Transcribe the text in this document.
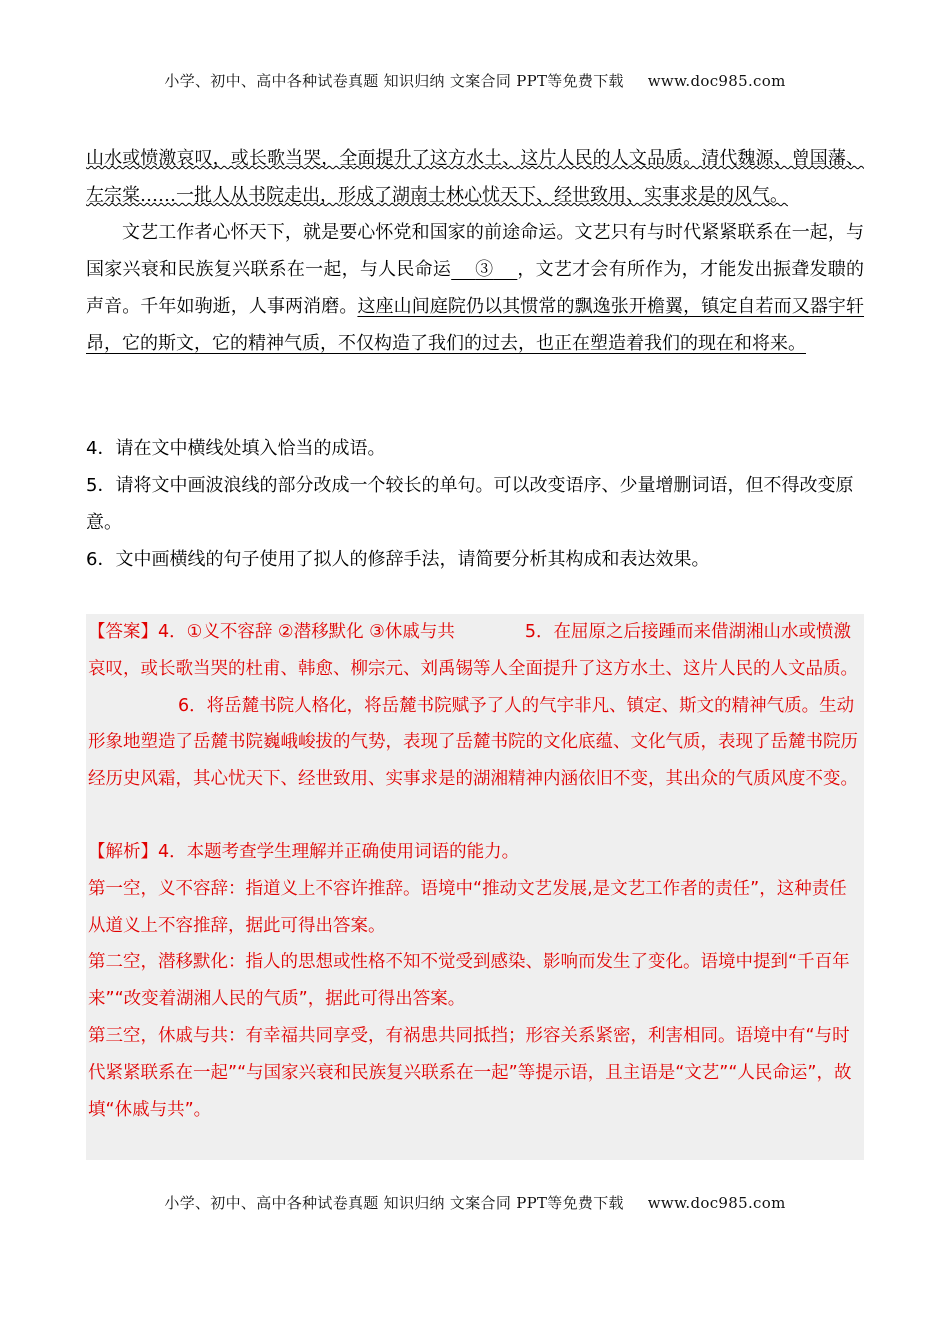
小学、初中、高中各种试卷真题 知识归纳 文案合同 PPT等免费下载 www.doc985.com

山水或愤激哀叹，或长歌当哭，全面提升了这方水土、这片人民的人文品质。清代魏源、曾国藩、左宗棠……一批人从书院走出，形成了湖南士林心忧天下、经世致用、实事求是的风气。

文艺工作者心怀天下，就是要心怀党和国家的前途命运。文艺只有与时代紧紧联系在一起，与国家兴衰和民族复兴联系在一起，与人民命运 ③ ，文艺才会有所作为，才能发出振聋发聩的声音。千年如驹逝，人事两消磨。这座山间庭院仍以其惯常的飘逸张开檐翼，镇定自若而又器宇轩昂，它的斯文，它的精神气质，不仅构造了我们的过去，也正在塑造着我们的现在和将来。

4．请在文中横线处填入恰当的成语。

5．请将文中画波浪线的部分改成一个较长的单句。可以改变语序、少量增删词语，但不得改变原意。

6．文中画横线的句子使用了拟人的修辞手法，请简要分析其构成和表达效果。

【答案】4．①义不容辞 ②潜移默化 ③休戚与共	5．在屈原之后接踵而来借湖湘山水或愤激哀叹，或长歌当哭的杜甫、韩愈、柳宗元、刘禹锡等人全面提升了这方水土、这片人民的人文品质。6．将岳麓书院人格化，将岳麓书院赋予了人的气宇非凡、镇定、斯文的精神气质。生动形象地塑造了岳麓书院巍峨峻拔的气势，表现了岳麓书院的文化底蕴、文化气质，表现了岳麓书院历经历史风霜，其心忧天下、经世致用、实事求是的湖湘精神内涵依旧不变，其出众的气质风度不变。

【解析】4．本题考查学生理解并正确使用词语的能力。

第一空，义不容辞：指道义上不容许推辞。语境中“推动文艺发展,是文艺工作者的责任”，这种责任从道义上不容推辞，据此可得出答案。

第二空，潜移默化：指人的思想或性格不知不觉受到感染、影响而发生了变化。语境中提到“千百年来”“改变着湖湘人民的气质”，据此可得出答案。

第三空，休戚与共：有幸福共同享受，有祸患共同抵挡；形容关系紧密，利害相同。语境中有“与时代紧紧联系在一起”“与国家兴衰和民族复兴联系在一起”等提示语，且主语是“文艺”“人民命运”，故填“休戚与共”。

小学、初中、高中各种试卷真题 知识归纳 文案合同 PPT等免费下载 www.doc985.com
